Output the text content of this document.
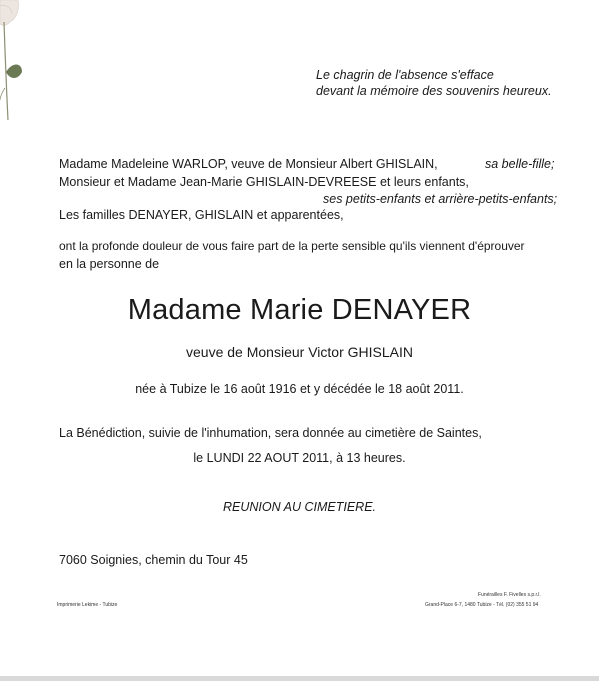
Le chagrin de l'absence s'efface
devant la mémoire des souvenirs heureux.
Madame Madeleine WARLOP, veuve de Monsieur Albert GHISLAIN,	sa belle-fille;
Monsieur et Madame Jean-Marie GHISLAIN-DEVREESE et leurs enfants,
ses petits-enfants et arrière-petits-enfants;
Les familles DENAYER, GHISLAIN et apparentées,
ont la profonde douleur de vous faire part de la perte sensible qu'ils viennent d'éprouver
en la personne de
Madame Marie DENAYER
veuve de Monsieur Victor GHISLAIN
née à Tubize le 16 août 1916 et y décédée le 18 août 2011.
La Bénédiction, suivie de l'inhumation, sera donnée au cimetière de Saintes,
le LUNDI 22 AOUT 2011, à 13 heures.
REUNION AU CIMETIERE.
7060 Soignies, chemin du Tour 45
Imprimerie Lekime - Tubize
Funérailles F. Fivelles s.p.r.l.
Grand-Place 6-7, 1480 Tubize - Tél. (02) 355 51 94
